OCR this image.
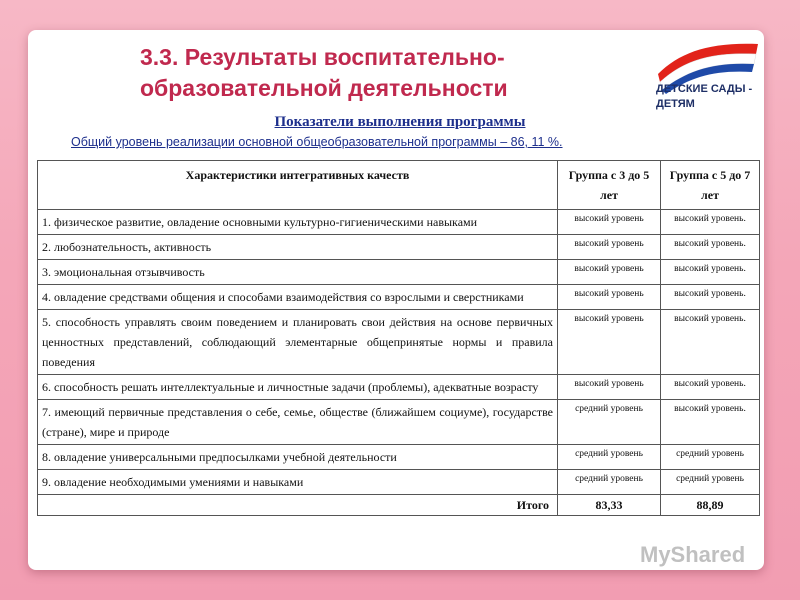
3.3. Результаты воспитательно-образовательной деятельности	ДЕТСКИЕ САДЫ -
ДЕТЯМ
Показатели выполнения программы
Общий уровень реализации основной общеобразовательной программы – 86, 11 %.
Характеристики интегративных качеств	Группа с 3 до 5 лет	Группа с 5 до 7 лет
1. физическое развитие, овладение основными культурно-гигиеническими навыками	высокий уровень	высокий уровень.
2. любознательность, активность	высокий уровень	высокий уровень.
3. эмоциональная отзывчивость	высокий уровень	высокий уровень.
4. овладение средствами общения и способами взаимодействия со взрослыми и сверстниками	высокий уровень	высокий уровень.
5. способность управлять своим поведением и планировать свои действия на основе первичных ценностных представлений, соблюдающий элементарные общепринятые нормы и правила поведения	высокий уровень	высокий уровень.
6. способность решать интеллектуальные и личностные задачи (проблемы), адекватные возрасту	высокий уровень	высокий уровень.
7. имеющий первичные представления о себе, семье, обществе (ближайшем социуме), государстве (стране), мире и природе	средний уровень	высокий уровень.
8. овладение универсальными предпосылками учебной деятельности	средний уровень	средний уровень
9. овладение необходимыми умениями и навыками	средний уровень	средний уровень
Итого	83,33	88,89
MyShared
